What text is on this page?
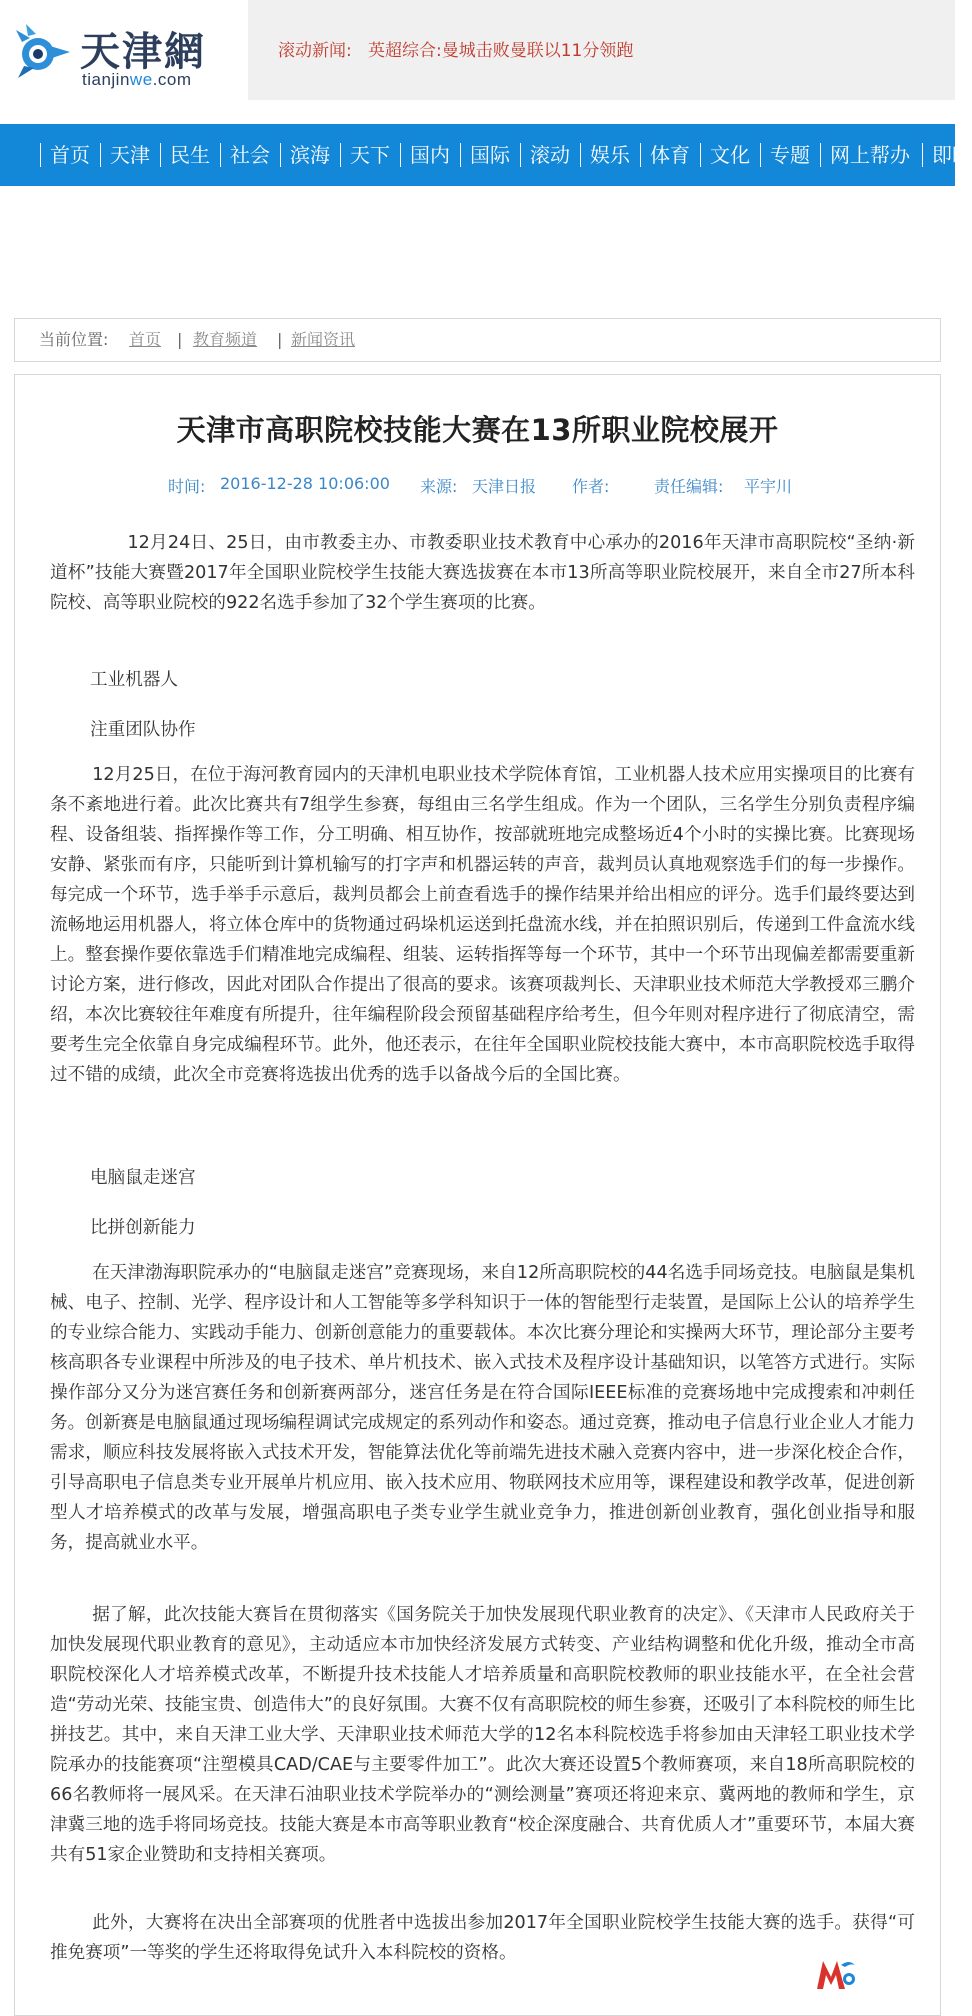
天津網
tianjinwe.com
滚动新闻: 英超综合:曼城击败曼联以11分领跑
首页 天津 民生 社会 滨海 天下 国内 国际 滚动 娱乐 体育 文化 专题 网上帮办 即时
当前位置: 首页 | 教育频道 | 新闻资讯
天津市高职院校技能大赛在13所职业院校展开
时间: 2016-12-28 10:06:00 来源: 天津日报 作者:	责任编辑: 平宇川

12月24日、25日，由市教委主办、市教委职业技术教育中心承办的2016年天津市高职院校“圣纳·新道杯”技能大赛暨2017年全国职业院校学生技能大赛选拔赛在本市13所高等职业院校展开，来自全市27所本科院校、高等职业院校的922名选手参加了32个学生赛项的比赛。

工业机器人
注重团队协作

12月25日，在位于海河教育园内的天津机电职业技术学院体育馆，工业机器人技术应用实操项目的比赛有条不紊地进行着。此次比赛共有7组学生参赛，每组由三名学生组成。作为一个团队，三名学生分别负责程序编程、设备组装、指挥操作等工作，分工明确、相互协作，按部就班地完成整场近4个小时的实操比赛。比赛现场安静、紧张而有序，只能听到计算机输写的打字声和机器运转的声音，裁判员认真地观察选手们的每一步操作。每完成一个环节，选手举手示意后，裁判员都会上前查看选手的操作结果并给出相应的评分。选手们最终要达到流畅地运用机器人，将立体仓库中的货物通过码垛机运送到托盘流水线，并在拍照识别后，传递到工件盒流水线上。整套操作要依靠选手们精准地完成编程、组装、运转指挥等每一个环节，其中一个环节出现偏差都需要重新讨论方案，进行修改，因此对团队合作提出了很高的要求。该赛项裁判长、天津职业技术师范大学教授邓三鹏介绍，本次比赛较往年难度有所提升，往年编程阶段会预留基础程序给考生，但今年则对程序进行了彻底清空，需要考生完全依靠自身完成编程环节。此外，他还表示，在往年全国职业院校技能大赛中，本市高职院校选手取得过不错的成绩，此次全市竞赛将选拔出优秀的选手以备战今后的全国比赛。

电脑鼠走迷宫
比拼创新能力

在天津渤海职院承办的“电脑鼠走迷宫”竞赛现场，来自12所高职院校的44名选手同场竞技。电脑鼠是集机械、电子、控制、光学、程序设计和人工智能等多学科知识于一体的智能型行走装置，是国际上公认的培养学生的专业综合能力、实践动手能力、创新创意能力的重要载体。本次比赛分理论和实操两大环节，理论部分主要考核高职各专业课程中所涉及的电子技术、单片机技术、嵌入式技术及程序设计基础知识，以笔答方式进行。实际操作部分又分为迷宫赛任务和创新赛两部分，迷宫任务是在符合国际IEEE标准的竞赛场地中完成搜索和冲刺任务。创新赛是电脑鼠通过现场编程调试完成规定的系列动作和姿态。通过竞赛，推动电子信息行业企业人才能力需求，顺应科技发展将嵌入式技术开发，智能算法优化等前端先进技术融入竞赛内容中，进一步深化校企合作，引导高职电子信息类专业开展单片机应用、嵌入技术应用、物联网技术应用等，课程建设和教学改革，促进创新型人才培养模式的改革与发展，增强高职电子类专业学生就业竞争力，推进创新创业教育，强化创业指导和服务，提高就业水平。

据了解，此次技能大赛旨在贯彻落实《国务院关于加快发展现代职业教育的决定》、《天津市人民政府关于加快发展现代职业教育的意见》，主动适应本市加快经济发展方式转变、产业结构调整和优化升级，推动全市高职院校深化人才培养模式改革，不断提升技术技能人才培养质量和高职院校教师的职业技能水平，在全社会营造“劳动光荣、技能宝贵、创造伟大”的良好氛围。大赛不仅有高职院校的师生参赛，还吸引了本科院校的师生比拼技艺。其中，来自天津工业大学、天津职业技术师范大学的12名本科院校选手将参加由天津轻工职业技术学院承办的技能赛项“注塑模具CAD/CAE与主要零件加工”。此次大赛还设置5个教师赛项，来自18所高职院校的66名教师将一展风采。在天津石油职业技术学院举办的“测绘测量”赛项还将迎来京、冀两地的教师和学生，京津冀三地的选手将同场竞技。技能大赛是本市高等职业教育“校企深度融合、共育优质人才”重要环节，本届大赛共有51家企业赞助和支持相关赛项。

此外，大赛将在决出全部赛项的优胜者中选拔出参加2017年全国职业院校学生技能大赛的选手。获得“可推免赛项”一等奖的学生还将取得免试升入本科院校的资格。
